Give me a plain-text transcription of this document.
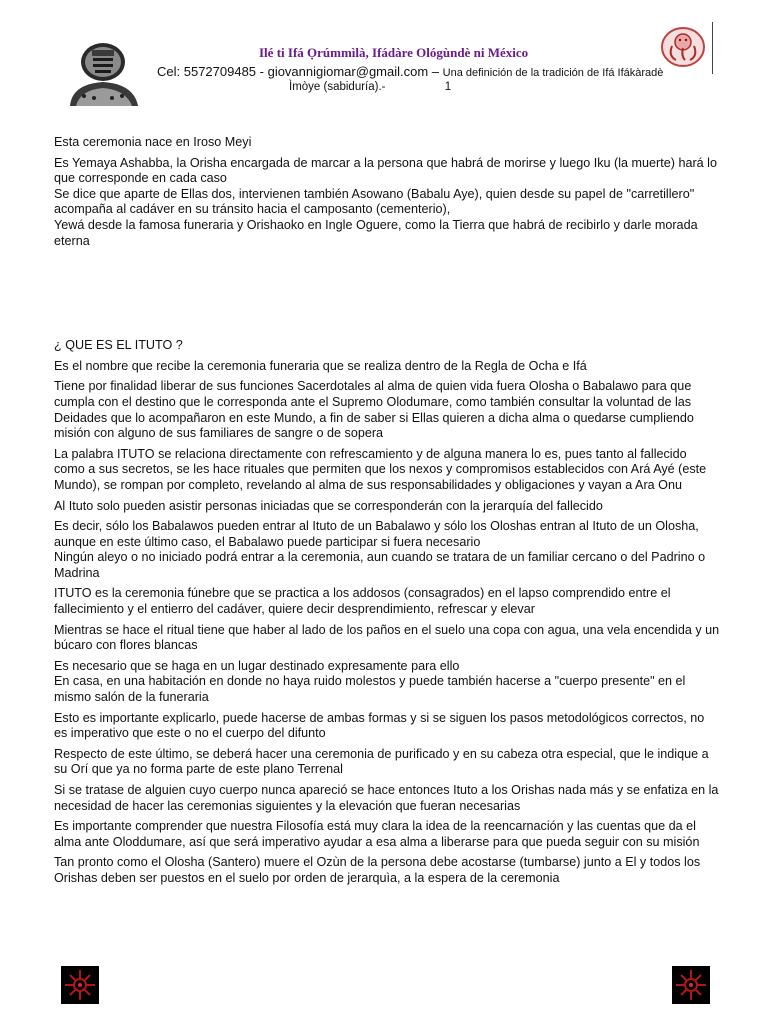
Ilé ti Ifá Ọrúmmìlà, Ifádàre Ológùndè ni México
Cel: 5572709485 - giovannigiomar@gmail.com – Una definición de la tradición de Ifá Ifákàradè
Ìmòye (sabiduría).-	1

Esta ceremonia nace en Iroso Meyi

Es Yemaya Ashabba, la Orisha encargada de marcar a la persona que habrá de morirse y luego Iku (la muerte) hará lo que corresponde en cada caso

Se dice que aparte de Ellas dos, intervienen también Asowano (Babalu Aye), quien desde su papel de "carretillero" acompaña al cadáver en su tránsito hacia el camposanto (cementerio),

Yewá desde la famosa funeraria y Orishaoko en Ingle Oguere, como la Tierra que habrá de recibirlo y darle morada eterna

¿ QUE ES EL ITUTO ?

Es el nombre que recibe la ceremonia funeraria que se realiza dentro de la Regla de Ocha e Ifá

Tiene por finalidad liberar de sus funciones Sacerdotales al alma de quien vida fuera Olosha o Babalawo para que cumpla con el destino que le corresponda ante el Supremo Olodumare, como también consultar la voluntad de las Deidades que lo acompañaron en este Mundo, a fin de saber si Ellas quieren a dicha alma o quedarse cumpliendo misión con alguno de sus familiares de sangre o de sopera

La palabra ITUTO se relaciona directamente con refrescamiento y de alguna manera lo es, pues tanto al fallecido como a sus secretos, se les hace rituales que permiten que los nexos y compromisos establecidos con Ará Ayé (este Mundo), se rompan por completo, revelando al alma de sus responsabilidades y obligaciones y vayan a Ara Onu

Al Ituto solo pueden asistir personas iniciadas que se corresponderán con la jerarquía del fallecido

Es decir, sólo los Babalawos pueden entrar al Ituto de un Babalawo y sólo los Oloshas entran al Ituto de un Olosha, aunque en este último caso, el Babalawo puede participar si fuera necesario
Ningún aleyo o no iniciado podrá entrar a la ceremonia, aun cuando se tratara de un familiar cercano o del Padrino o Madrina

ITUTO es la ceremonia fúnebre que se practica a los addosos (consagrados) en el lapso comprendido entre el fallecimiento y el entierro del cadáver, quiere decir desprendimiento, refrescar y elevar

Mientras se hace el ritual tiene que haber al lado de los paños en el suelo una copa con agua, una vela encendida y un búcaro con flores blancas

Es necesario que se haga en un lugar destinado expresamente para ello
En casa, en una habitación en donde no haya ruido molestos y puede también hacerse a "cuerpo presente" en el mismo salón de la funeraria

Esto es importante explicarlo, puede hacerse de ambas formas y si se siguen los pasos metodológicos correctos, no es imperativo que este o no el cuerpo del difunto

Respecto de este último, se deberá hacer una ceremonia de purificado y en su cabeza otra especial, que le indique a su Orí que ya no forma parte de este plano Terrenal

Si se tratase de alguien cuyo cuerpo nunca apareció se hace entonces Ituto a los Orishas nada más y se enfatiza en la necesidad de hacer las ceremonias siguientes y la elevación que fueran necesarias

Es importante comprender que nuestra Filosofía está muy clara la idea de la reencarnación y las cuentas que da el alma ante Oloddumare, así que será imperativo ayudar a esa alma a liberarse para que pueda seguir con su misión

Tan pronto como el Olosha (Santero) muere el Ozùn de la persona debe acostarse (tumbarse) junto a El y todos los Orishas deben ser puestos en el suelo por orden de jerarquìa, a la espera de la ceremonia
